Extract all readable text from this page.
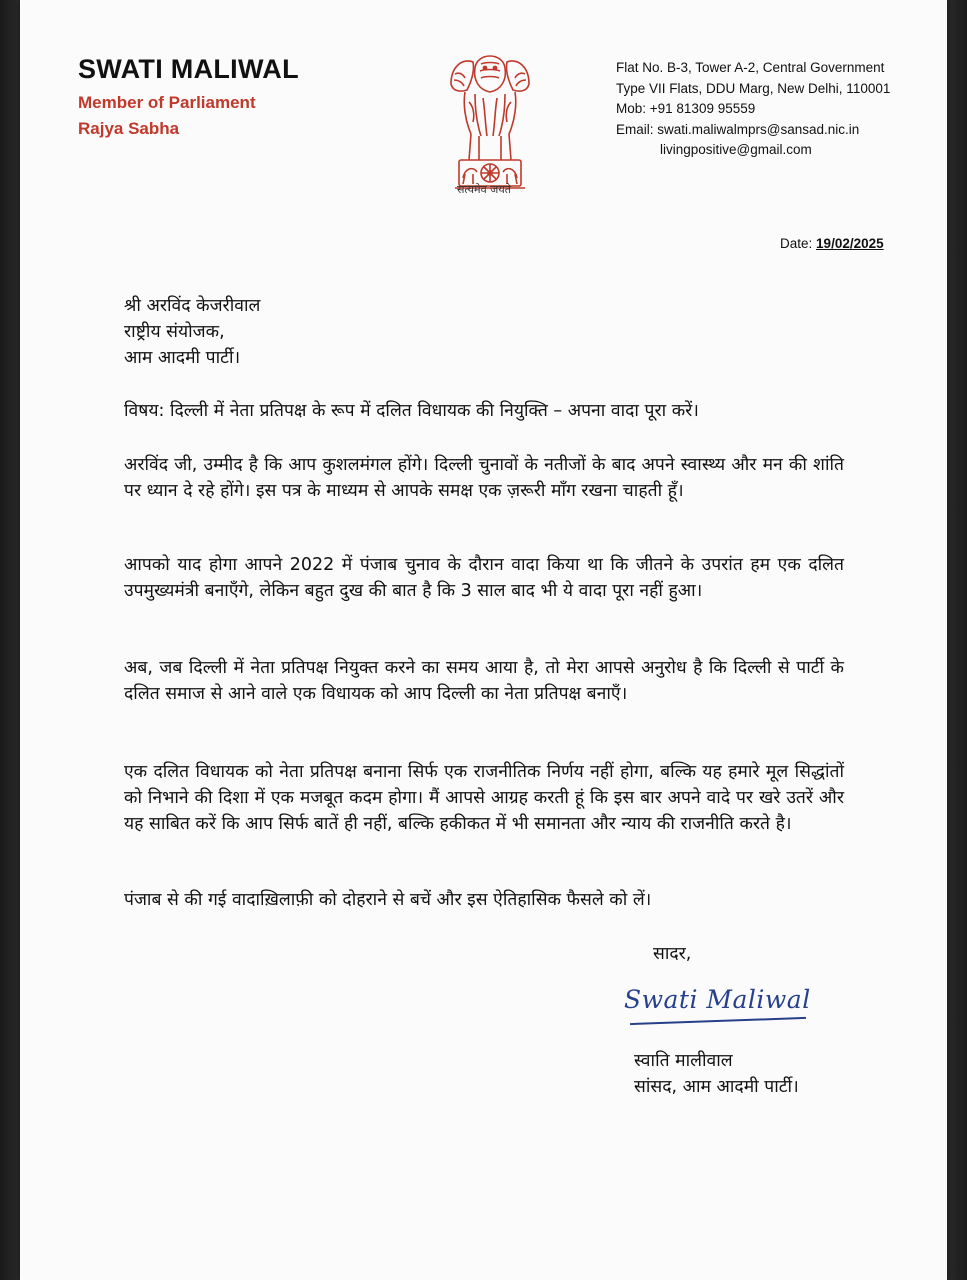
SWATI MALIWAL
Member of Parliament
Rajya Sabha
सत्यमेव जयते
Flat No. B-3, Tower A-2, Central Government
Type VII Flats, DDU Marg, New Delhi, 110001
Mob: +91 81309 95559
Email: swati.maliwalmprs@sansad.nic.in
livingpositive@gmail.com
Date: 19/02/2025
श्री अरविंद केजरीवाल
राष्ट्रीय संयोजक,
आम आदमी पार्टी।
विषय: दिल्ली में नेता प्रतिपक्ष के रूप में दलित विधायक की नियुक्ति – अपना वादा पूरा करें।
अरविंद जी, उम्मीद है कि आप कुशलमंगल होंगे। दिल्ली चुनावों के नतीजों के बाद अपने स्वास्थ्य और मन की शांति पर ध्यान दे रहे होंगे। इस पत्र के माध्यम से आपके समक्ष एक ज़रूरी माँग रखना चाहती हूँ।
आपको याद होगा आपने 2022 में पंजाब चुनाव के दौरान वादा किया था कि जीतने के उपरांत हम एक दलित उपमुख्यमंत्री बनाएँगे, लेकिन बहुत दुख की बात है कि 3 साल बाद भी ये वादा पूरा नहीं हुआ।
अब, जब दिल्ली में नेता प्रतिपक्ष नियुक्त करने का समय आया है, तो मेरा आपसे अनुरोध है कि दिल्ली से पार्टी के दलित समाज से आने वाले एक विधायक को आप दिल्ली का नेता प्रतिपक्ष बनाएँ।
एक दलित विधायक को नेता प्रतिपक्ष बनाना सिर्फ एक राजनीतिक निर्णय नहीं होगा, बल्कि यह हमारे मूल सिद्धांतों को निभाने की दिशा में एक मजबूत कदम होगा। मैं आपसे आग्रह करती हूं कि इस बार अपने वादे पर खरे उतरें और यह साबित करें कि आप सिर्फ बातें ही नहीं, बल्कि हकीकत में भी समानता और न्याय की राजनीति करते है।
पंजाब से की गई वादाख़िलाफ़ी को दोहराने से बचें और इस ऐतिहासिक फैसले को लें।
सादर,
Swati Maliwal
स्वाति मालीवाल
सांसद, आम आदमी पार्टी।
